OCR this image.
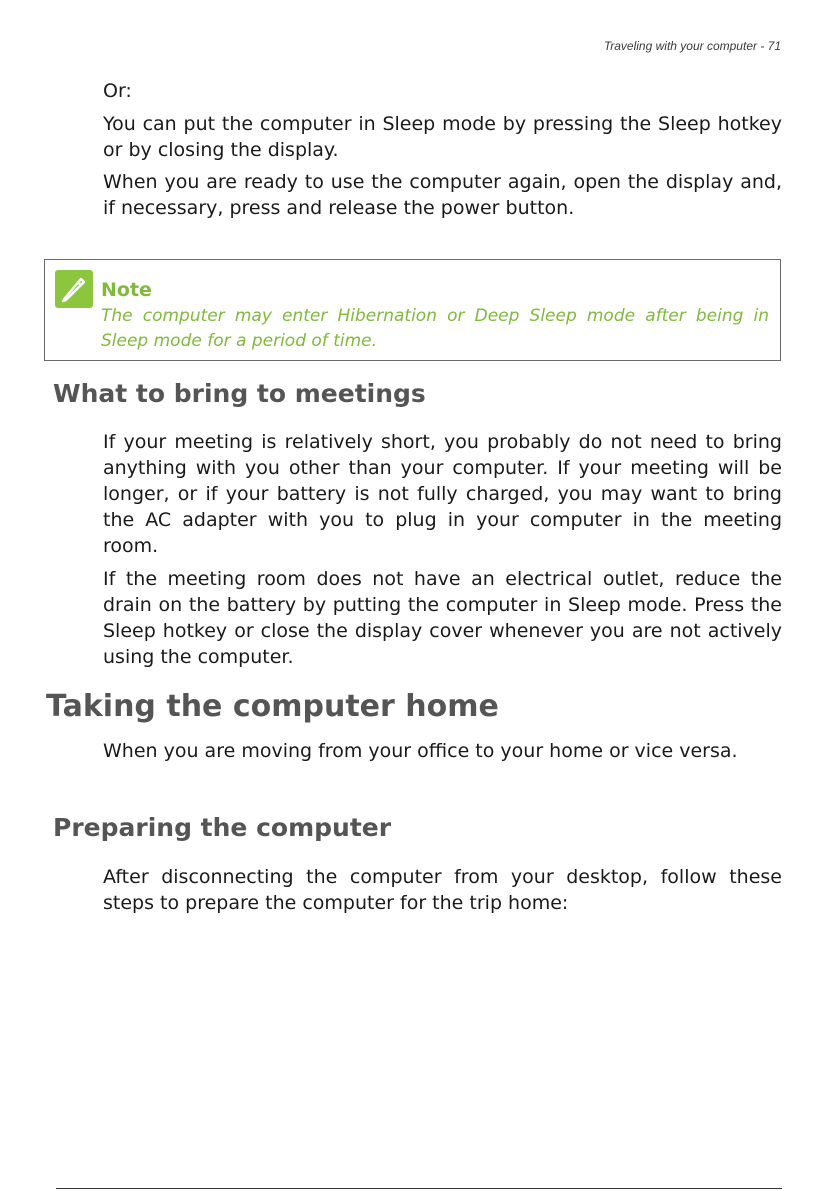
Traveling with your computer - 71

Or:

You can put the computer in Sleep mode by pressing the Sleep hotkey or by closing the display.

When you are ready to use the computer again, open the display and, if necessary, press and release the power button.

Note

The computer may enter Hibernation or Deep Sleep mode after being in Sleep mode for a period of time.

What to bring to meetings

If your meeting is relatively short, you probably do not need to bring anything with you other than your computer. If your meeting will be longer, or if your battery is not fully charged, you may want to bring the AC adapter with you to plug in your computer in the meeting room.

If the meeting room does not have an electrical outlet, reduce the drain on the battery by putting the computer in Sleep mode. Press the Sleep hotkey or close the display cover whenever you are not actively using the computer.

Taking the computer home

When you are moving from your office to your home or vice versa.

Preparing the computer

After disconnecting the computer from your desktop, follow these steps to prepare the computer for the trip home:
